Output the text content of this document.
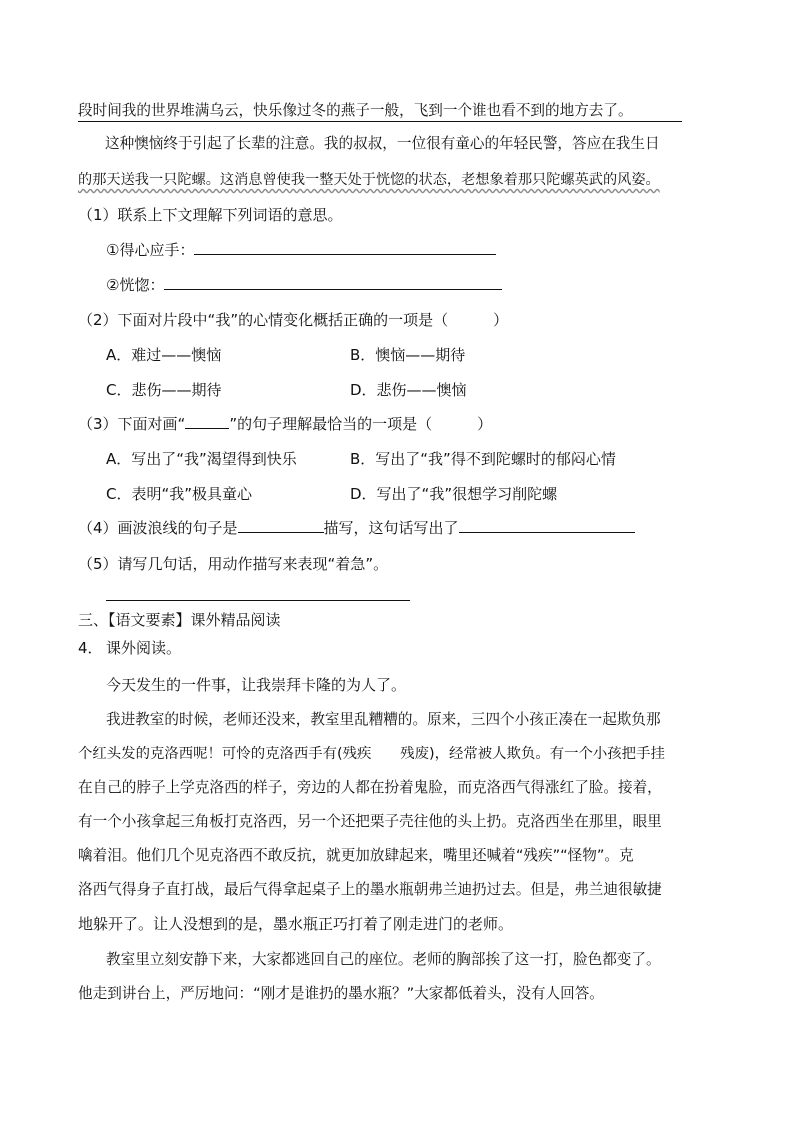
段时间我的世界堆满乌云，快乐像过冬的燕子一般，飞到一个谁也看不到的地方去了。
这种懊恼终于引起了长辈的注意。我的叔叔，一位很有童心的年轻民警，答应在我生日
的那天送我一只陀螺。这消息曾使我一整天处于恍惚的状态，老想象着那只陀螺英武的风姿。
（1）联系上下文理解下列词语的意思。
①得心应手：
②恍惚：
（2）下面对片段中“我”的心情变化概括正确的一项是（　　　）
A．难过——懊恼	B．懊恼——期待
C．悲伤——期待	D．悲伤——懊恼
（3）下面对画“	”的句子理解最恰当的一项是（　　　）
A．写出了“我”渴望得到快乐	B．写出了“我”得不到陀螺时的郁闷心情
C．表明“我”极具童心	D．写出了“我”很想学习削陀螺
（4）画波浪线的句子是	描写，这句话写出了
（5）请写几句话，用动作描写来表现“着急”。
三、【语文要素】课外精品阅读
4． 课外阅读。
今天发生的一件事，让我崇拜卡隆的为人了。
我进教室的时候，老师还没来，教室里乱糟糟的。原来，三四个小孩正凑在一起欺负那
个红头发的克洛西呢！可怜的克洛西手有(残疾　　残废)，经常被人欺负。有一个小孩把手挂
在自己的脖子上学克洛西的样子，旁边的人都在扮着鬼脸，而克洛西气得涨红了脸。接着，
有一个小孩拿起三角板打克洛西，另一个还把栗子壳往他的头上扔。克洛西坐在那里，眼里
噙着泪。他们几个见克洛西不敢反抗，就更加放肆起来，嘴里还喊着“残疾”“怪物”。克
洛西气得身子直打战，最后气得拿起桌子上的墨水瓶朝弗兰迪扔过去。但是，弗兰迪很敏捷
地躲开了。让人没想到的是，墨水瓶正巧打着了刚走进门的老师。
教室里立刻安静下来，大家都逃回自己的座位。老师的胸部挨了这一打，脸色都变了。
他走到讲台上，严厉地问：“刚才是谁扔的墨水瓶？”大家都低着头，没有人回答。
